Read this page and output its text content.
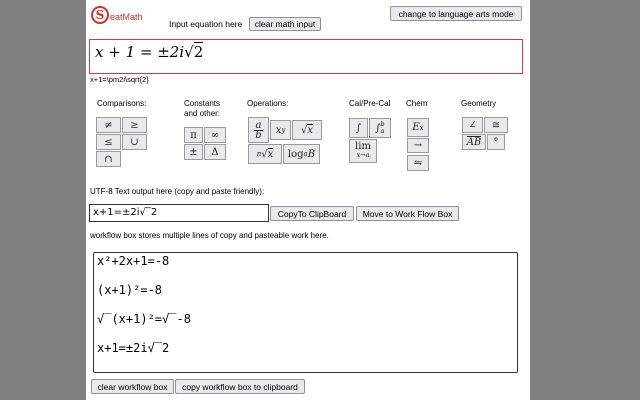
S eatMath
Input equation here	clear math input
change to language arts mode
x + 1 = ±2i√2
x+1=\pm2i\sqrt{2}
Comparisons:	Constants and other:
Operations:	Cal/Pre-Cal Chem	Geometry
≠	≥
≤	∪
∩
π	∞
±	Δ
$\frac{a}{b}$ x y √ x
n √ x log a B
∫	∫ b
a
lim
x→a
E x
→
⇋
∠	≅
AB	°
UTF-8 Text output here (copy and paste friendly):
x+1=±2i√‾2	Copy To ClipBoard	Move to Work Flow Box
workflow box stores multiple lines of copy and pasteable work here.
x²+2x+1=-8
(x+1)²=-8
√‾(x+1)²=√‾-8
x+1=±2i√‾2
clear workflow box	copy workflow box to clipboard
